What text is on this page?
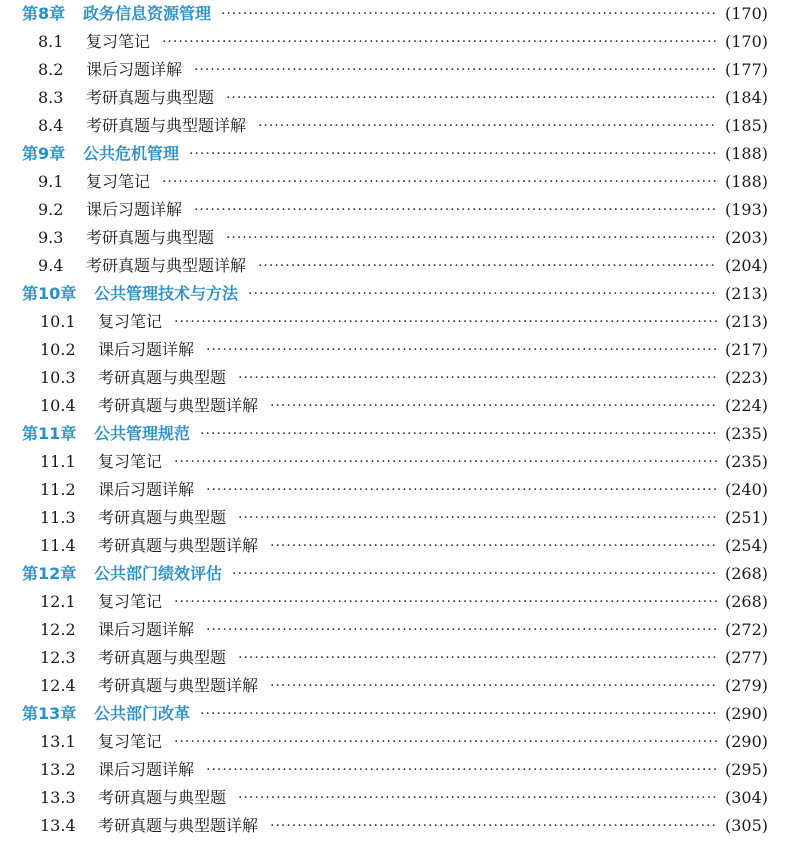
第8章 政务信息资源管理 ·····	(170)
8.1 复习笔记 ·····	(170)
8.2 课后习题详解 ·····	(177)
8.3 考研真题与典型题 ·····	(184)
8.4 考研真题与典型题详解 ·····	(185)
第9章 公共危机管理 ·····	(188)
9.1 复习笔记 ·····	(188)
9.2 课后习题详解 ·····	(193)
9.3 考研真题与典型题 ·····	(203)
9.4 考研真题与典型题详解 ·····	(204)
第10章 公共管理技术与方法 ·····	(213)
10.1 复习笔记 ·····	(213)
10.2 课后习题详解 ·····	(217)
10.3 考研真题与典型题 ·····	(223)
10.4 考研真题与典型题详解 ·····	(224)
第11章 公共管理规范 ·····	(235)
11.1 复习笔记 ·····	(235)
11.2 课后习题详解 ·····	(240)
11.3 考研真题与典型题 ·····	(251)
11.4 考研真题与典型题详解 ·····	(254)
第12章 公共部门绩效评估 ·····	(268)
12.1 复习笔记 ·····	(268)
12.2 课后习题详解 ·····	(272)
12.3 考研真题与典型题 ·····	(277)
12.4 考研真题与典型题详解 ·····	(279)
第13章 公共部门改革 ·····	(290)
13.1 复习笔记 ·····	(290)
13.2 课后习题详解 ·····	(295)
13.3 考研真题与典型题 ·····	(304)
13.4 考研真题与典型题详解 ·····	(305)
